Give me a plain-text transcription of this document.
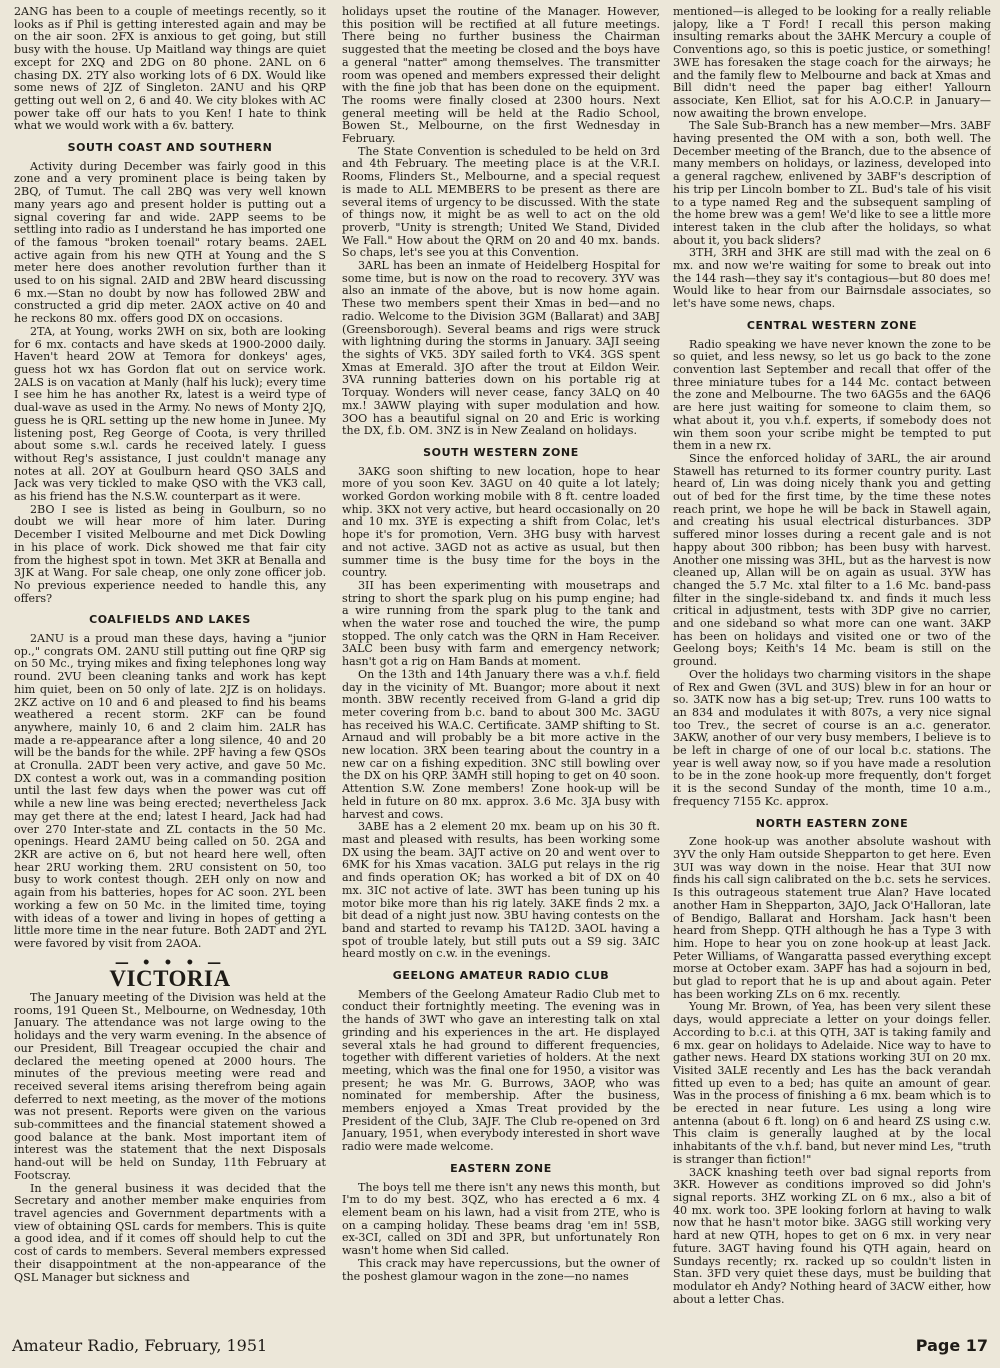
2ANG has been to a couple of meetings recently, so it looks as if Phil is getting interested again and may be on the air soon. 2FX is anxious to get going, but still busy with the house. Up Maitland way things are quiet except for 2XQ and 2DG on 80 phone. 2ANL on 6 chasing DX. 2TY also working lots of 6 DX. Would like some news of 2JZ of Singleton. 2ANU and his QRP getting out well on 2, 6 and 40. We city blokes with AC power take off our hats to you Ken! I hate to think what we would work with a 6v. battery.

SOUTH COAST AND SOUTHERN

Activity during December was fairly good in this zone and a very prominent place is being taken by 2BQ, of Tumut. The call 2BQ was very well known many years ago and present holder is putting out a signal covering far and wide. 2APP seems to be settling into radio as I understand he has imported one of the famous "broken toenail" rotary beams. 2AEL active again from his new QTH at Young and the S meter here does another revolution further than it used to on his signal. 2AID and 2BW heard discussing 6 mx.—Stan no doubt by now has followed 2BW and constructed a grid dip meter. 2AOX active on 40 and he reckons 80 mx. offers good DX on occasions.

2TA, at Young, works 2WH on six, both are looking for 6 mx. contacts and have skeds at 1900-2000 daily. Haven't heard 2OW at Temora for donkeys' ages, guess hot wx has Gordon flat out on service work. 2ALS is on vacation at Manly (half his luck); every time I see him he has another Rx, latest is a weird type of dual-wave as used in the Army. No news of Monty 2JQ, guess he is QRL setting up the new home in Junee. My listening post, Reg George of Coota, is very thrilled about some s.w.l. cards he received lately. I guess without Reg's assistance, I just couldn't manage any notes at all. 2OY at Goulburn heard QSO 3ALS and Jack was very tickled to make QSO with the VK3 call, as his friend has the N.S.W. counterpart as it were.

2BO I see is listed as being in Goulburn, so no doubt we will hear more of him later. During December I visited Melbourne and met Dick Dowling in his place of work. Dick showed me that fair city from the highest spot in town. Met 3KR at Benalla and 3JK at Wang. For sale cheap, one only zone officer job. No previous experience needed to handle this, any offers?

COALFIELDS AND LAKES

2ANU is a proud man these days, having a "junior op.," congrats OM. 2ANU still putting out fine QRP sig on 50 Mc., trying mikes and fixing telephones long way round. 2VU been cleaning tanks and work has kept him quiet, been on 50 only of late. 2JZ is on holidays. 2KZ active on 10 and 6 and pleased to find his beams weathered a recent storm. 2KF can be found anywhere, mainly 10, 6 and 2 claim him. 2ALR has made a re-appearance after a long silence, 40 and 20 will be the bands for the while. 2PF having a few QSOs at Cronulla. 2ADT been very active, and gave 50 Mc. DX contest a work out, was in a commanding position until the last few days when the power was cut off while a new line was being erected; nevertheless Jack may get there at the end; latest I heard, Jack had had over 270 Inter-state and ZL contacts in the 50 Mc. openings. Heard 2AMU being called on 50. 2GA and 2KR are active on 6, but not heard here well, often hear 2RU working them. 2RU consistent on 50, too busy to work contest though. 2EH only on now and again from his batteries, hopes for AC soon. 2YL been working a few on 50 Mc. in the limited time, toying with ideas of a tower and living in hopes of getting a little more time in the near future. Both 2ADT and 2YL were favored by visit from 2AOA.

— • • • —
VICTORIA

The January meeting of the Division was held at the rooms, 191 Queen St., Melbourne, on Wednesday, 10th January. The attendance was not large owing to the holidays and the very warm evening. In the absence of our President, Bill Treagear occupied the chair and declared the meeting opened at 2000 hours. The minutes of the previous meeting were read and received several items arising therefrom being again deferred to next meeting, as the mover of the motions was not present. Reports were given on the various sub-committees and the financial statement showed a good balance at the bank. Most important item of interest was the statement that the next Disposals hand-out will be held on Sunday, 11th February at Footscray.

In the general business it was decided that the Secretary and another member make enquiries from travel agencies and Government departments with a view of obtaining QSL cards for members. This is quite a good idea, and if it comes off should help to cut the cost of cards to members. Several members expressed their disappointment at the non-appearance of the QSL Manager but sickness and

holidays upset the routine of the Manager. However, this position will be rectified at all future meetings. There being no further business the Chairman suggested that the meeting be closed and the boys have a general "natter" among themselves. The transmitter room was opened and members expressed their delight with the fine job that has been done on the equipment. The rooms were finally closed at 2300 hours. Next general meeting will be held at the Radio School, Bowen St., Melbourne, on the first Wednesday in February.

The State Convention is scheduled to be held on 3rd and 4th February. The meeting place is at the V.R.I. Rooms, Flinders St., Melbourne, and a special request is made to ALL MEMBERS to be present as there are several items of urgency to be discussed. With the state of things now, it might be as well to act on the old proverb, "Unity is strength; United We Stand, Divided We Fall." How about the QRM on 20 and 40 mx. bands. So chaps, let's see you at this Convention.

3ARL has been an inmate of Heidelberg Hospital for some time, but is now on the road to recovery. 3YV was also an inmate of the above, but is now home again. These two members spent their Xmas in bed—and no radio. Welcome to the Division 3GM (Ballarat) and 3ABJ (Greensborough). Several beams and rigs were struck with lightning during the storms in January. 3AJI seeing the sights of VK5. 3DY sailed forth to VK4. 3GS spent Xmas at Emerald. 3JO after the trout at Eildon Weir. 3VA running batteries down on his portable rig at Torquay. Wonders will never cease, fancy 3ALQ on 40 mx.! 3AWW playing with super modulation and how. 3OO has a beautiful signal on 20 and Eric is working the DX, f.b. OM. 3NZ is in New Zealand on holidays.

SOUTH WESTERN ZONE

3AKG soon shifting to new location, hope to hear more of you soon Kev. 3AGU on 40 quite a lot lately; worked Gordon working mobile with 8 ft. centre loaded whip. 3KX not very active, but heard occasionally on 20 and 10 mx. 3YE is expecting a shift from Colac, let's hope it's for promotion, Vern. 3HG busy with harvest and not active. 3AGD not as active as usual, but then summer time is the busy time for the boys in the country.

3II has been experimenting with mousetraps and string to short the spark plug on his pump engine; had a wire running from the spark plug to the tank and when the water rose and touched the wire, the pump stopped. The only catch was the QRN in Ham Receiver. 3ALC been busy with farm and emergency network; hasn't got a rig on Ham Bands at moment.

On the 13th and 14th January there was a v.h.f. field day in the vicinity of Mt. Buangor; more about it next month. 3BW recently received from G-land a grid dip meter covering from b.c. band to about 300 Mc. 3AGU has received his W.A.C. Certificate. 3AMP shifting to St. Arnaud and will probably be a bit more active in the new location. 3RX been tearing about the country in a new car on a fishing expedition. 3NC still bowling over the DX on his QRP. 3AMH still hoping to get on 40 soon. Attention S.W. Zone members! Zone hook-up will be held in future on 80 mx. approx. 3.6 Mc. 3JA busy with harvest and cows.

3ABE has a 2 element 20 mx. beam up on his 30 ft. mast and pleased with results, has been working some DX using the beam. 3AJT active on 20 and went over to 6MK for his Xmas vacation. 3ALG put relays in the rig and finds operation OK; has worked a bit of DX on 40 mx. 3IC not active of late. 3WT has been tuning up his motor bike more than his rig lately. 3AKE finds 2 mx. a bit dead of a night just now. 3BU having contests on the band and started to revamp his TA12D. 3AOL having a spot of trouble lately, but still puts out a S9 sig. 3AIC heard mostly on c.w. in the evenings.

GEELONG AMATEUR RADIO CLUB

Members of the Geelong Amateur Radio Club met to conduct their fortnightly meeting. The evening was in the hands of 3WT who gave an interesting talk on xtal grinding and his experiences in the art. He displayed several xtals he had ground to different frequencies, together with different varieties of holders. At the next meeting, which was the final one for 1950, a visitor was present; he was Mr. G. Burrows, 3AOP, who was nominated for membership. After the business, members enjoyed a Xmas Treat provided by the President of the Club, 3AJF. The Club re-opened on 3rd January, 1951, when everybody interested in short wave radio were made welcome.

EASTERN ZONE

The boys tell me there isn't any news this month, but I'm to do my best. 3QZ, who has erected a 6 mx. 4 element beam on his lawn, had a visit from 2TE, who is on a camping holiday. These beams drag 'em in! 5SB, ex-3CI, called on 3DI and 3PR, but unfortunately Ron wasn't home when Sid called.

This crack may have repercussions, but the owner of the poshest glamour wagon in the zone—no names

mentioned—is alleged to be looking for a really reliable jalopy, like a T Ford! I recall this person making insulting remarks about the 3AHK Mercury a couple of Conventions ago, so this is poetic justice, or something! 3WE has foresaken the stage coach for the airways; he and the family flew to Melbourne and back at Xmas and Bill didn't need the paper bag either! Yallourn associate, Ken Elliot, sat for his A.O.C.P. in January—now awaiting the brown envelope.

The Sale Sub-Branch has a new member—Mrs. 3ABF having presented the OM with a son, both well. The December meeting of the Branch, due to the absence of many members on holidays, or laziness, developed into a general ragchew, enlivened by 3ABF's description of his trip per Lincoln bomber to ZL. Bud's tale of his visit to a type named Reg and the subsequent sampling of the home brew was a gem! We'd like to see a little more interest taken in the club after the holidays, so what about it, you back sliders?

3TH, 3RH and 3HK are still mad with the zeal on 6 mx. and now we're waiting for some to break out into the 144 rash—they say it's contagious—but 80 does me! Would like to hear from our Bairnsdale associates, so let's have some news, chaps.

CENTRAL WESTERN ZONE

Radio speaking we have never known the zone to be so quiet, and less newsy, so let us go back to the zone convention last September and recall that offer of the three miniature tubes for a 144 Mc. contact between the zone and Melbourne. The two 6AG5s and the 6AQ6 are here just waiting for someone to claim them, so what about it, you v.h.f. experts, if somebody does not win them soon your scribe might be tempted to put them in a new rx.

Since the enforced holiday of 3ARL, the air around Stawell has returned to its former country purity. Last heard of, Lin was doing nicely thank you and getting out of bed for the first time, by the time these notes reach print, we hope he will be back in Stawell again, and creating his usual electrical disturbances. 3DP suffered minor losses during a recent gale and is not happy about 300 ribbon; has been busy with harvest. Another one missing was 3HL, but as the harvest is now cleaned up, Allan will be on again as usual. 3YW has changed the 5.7 Mc. xtal filter to a 1.6 Mc. band-pass filter in the single-sideband tx. and finds it much less critical in adjustment, tests with 3DP give no carrier, and one sideband so what more can one want. 3AKP has been on holidays and visited one or two of the Geelong boys; Keith's 14 Mc. beam is still on the ground.

Over the holidays two charming visitors in the shape of Rex and Gwen (3VL and 3US) blew in for an hour or so. 3ATK now has a big set-up; Trev. runs 100 watts to an 834 and modulates it with 807s, a very nice signal too Trev., the secret of course is an a.c. generator. 3AKW, another of our very busy members, I believe is to be left in charge of one of our local b.c. stations. The year is well away now, so if you have made a resolution to be in the zone hook-up more frequently, don't forget it is the second Sunday of the month, time 10 a.m., frequency 7155 Kc. approx.

NORTH EASTERN ZONE

Zone hook-up was another absolute washout with 3YV the only Ham outside Shepparton to get here. Even 3UI was way down in the noise. Hear that 3UI now finds his call sign calibrated on the b.c. sets he services. Is this outrageous statement true Alan? Have located another Ham in Shepparton, 3AJO, Jack O'Halloran, late of Bendigo, Ballarat and Horsham. Jack hasn't been heard from Shepp. QTH although he has a Type 3 with him. Hope to hear you on zone hook-up at least Jack. Peter Williams, of Wangaratta passed everything except morse at October exam. 3APF has had a sojourn in bed, but glad to report that he is up and about again. Peter has been working ZLs on 6 mx. recently.

Young Mr. Brown, of Yea, has been very silent these days, would appreciate a letter on your doings feller. According to b.c.i. at this QTH, 3AT is taking family and 6 mx. gear on holidays to Adelaide. Nice way to have to gather news. Heard DX stations working 3UI on 20 mx. Visited 3ALE recently and Les has the back verandah fitted up even to a bed; has quite an amount of gear. Was in the process of finishing a 6 mx. beam which is to be erected in near future. Les using a long wire antenna (about 6 ft. long) on 6 and heard ZS using c.w. This claim is generally laughed at by the local inhabitants of the v.h.f. band, but never mind Les, "truth is stranger than fiction!"

3ACK knashing teeth over bad signal reports from 3KR. However as conditions improved so did John's signal reports. 3HZ working ZL on 6 mx., also a bit of 40 mx. work too. 3PE looking forlorn at having to walk now that he hasn't motor bike. 3AGG still working very hard at new QTH, hopes to get on 6 mx. in very near future. 3AGT having found his QTH again, heard on Sundays recently; rx. racked up so couldn't listen in Stan. 3FD very quiet these days, must be building that modulator eh Andy? Nothing heard of 3ACW either, how about a letter Chas.

Amateur Radio, February, 1951	Page 17
